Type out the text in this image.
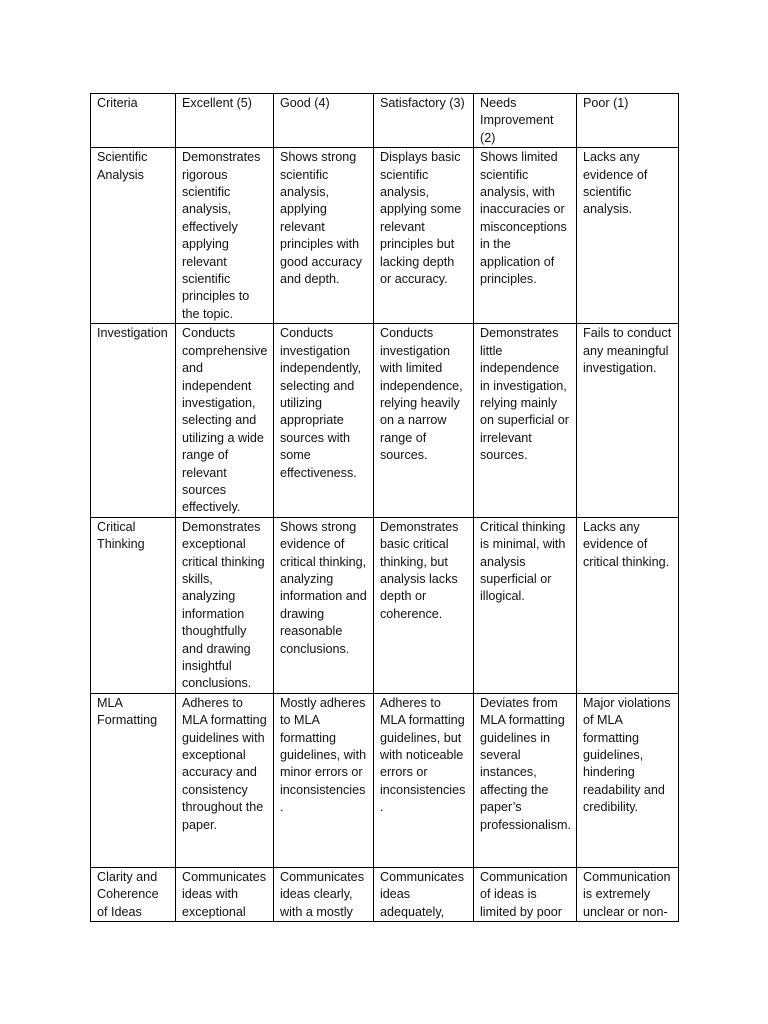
Criteria	Excellent (5)	Good (4)	Satisfactory (3)	Needs Improvement (2)	Poor (1)
Scientific Analysis	Demonstrates rigorous scientific analysis, effectively applying relevant scientific principles to the topic.	Shows strong scientific analysis, applying relevant principles with good accuracy and depth.	Displays basic scientific analysis, applying some relevant principles but lacking depth or accuracy.	Shows limited scientific analysis, with inaccuracies or misconceptions in the application of principles.	Lacks any evidence of scientific analysis.
Investigation	Conducts comprehensive and independent investigation, selecting and utilizing a wide range of relevant sources effectively.	Conducts investigation independently, selecting and utilizing appropriate sources with some effectiveness.	Conducts investigation with limited independence, relying heavily on a narrow range of sources.	Demonstrates little independence in investigation, relying mainly on superficial or irrelevant sources.	Fails to conduct any meaningful investigation.
Critical Thinking	Demonstrates exceptional critical thinking skills, analyzing information thoughtfully and drawing insightful conclusions.	Shows strong evidence of critical thinking, analyzing information and drawing reasonable conclusions.	Demonstrates basic critical thinking, but analysis lacks depth or coherence.	Critical thinking is minimal, with analysis superficial or illogical.	Lacks any evidence of critical thinking.
MLA Formatting	Adheres to MLA formatting guidelines with exceptional accuracy and consistency throughout the paper.	Mostly adheres to MLA formatting guidelines, with minor errors or inconsistencies.	Adheres to MLA formatting guidelines, but with noticeable errors or inconsistencies.	Deviates from MLA formatting guidelines in several instances, affecting the paper’s professionalism.	Major violations of MLA formatting guidelines, hindering readability and credibility.
Clarity and Coherence of Ideas	Communicates ideas with exceptional	Communicates ideas clearly, with a mostly	Communicates ideas adequately,	Communication of ideas is limited by poor	Communication is extremely unclear or non-
